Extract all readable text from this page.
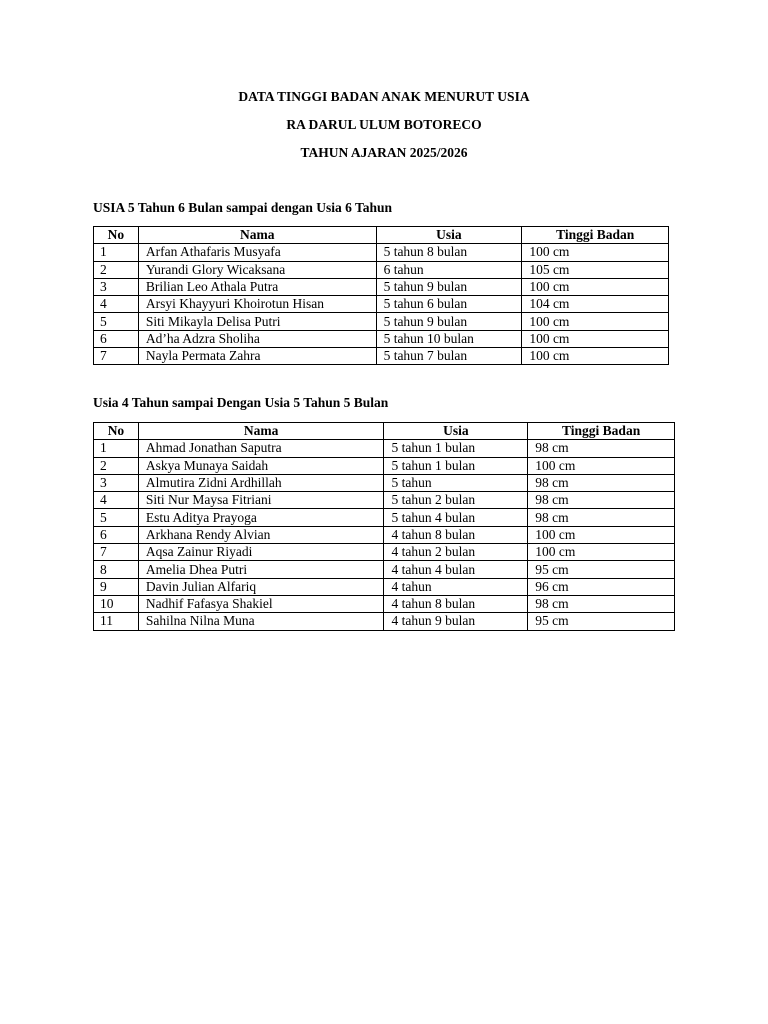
DATA TINGGI BADAN ANAK MENURUT USIA
RA DARUL ULUM BOTORECO
TAHUN AJARAN 2025/2026
USIA 5 Tahun 6 Bulan sampai dengan Usia 6 Tahun
No	Nama	Usia	Tinggi Badan
1	Arfan Athafaris Musyafa	5 tahun 8 bulan	100 cm
2	Yurandi Glory Wicaksana	6 tahun	105 cm
3	Brilian Leo Athala Putra	5 tahun 9 bulan	100 cm
4	Arsyi Khayyuri Khoirotun Hisan	5 tahun 6 bulan	104 cm
5	Siti Mikayla Delisa Putri	5 tahun 9 bulan	100 cm
6	Ad’ha Adzra Sholiha	5 tahun 10 bulan	100 cm
7	Nayla Permata Zahra	5 tahun 7 bulan	100 cm
Usia 4 Tahun sampai Dengan Usia 5 Tahun 5 Bulan
No	Nama	Usia	Tinggi Badan
1	Ahmad Jonathan Saputra	5 tahun 1 bulan	98 cm
2	Askya Munaya Saidah	5 tahun 1 bulan	100 cm
3	Almutira Zidni Ardhillah	5 tahun	98 cm
4	Siti Nur Maysa Fitriani	5 tahun 2 bulan	98 cm
5	Estu Aditya Prayoga	5 tahun 4 bulan	98 cm
6	Arkhana Rendy Alvian	4 tahun 8 bulan	100 cm
7	Aqsa Zainur Riyadi	4 tahun 2 bulan	100 cm
8	Amelia Dhea Putri	4 tahun 4 bulan	95 cm
9	Davin Julian Alfariq	4 tahun	96 cm
10	Nadhif Fafasya Shakiel	4 tahun 8 bulan	98 cm
11	Sahilna Nilna Muna	4 tahun 9 bulan	95 cm
